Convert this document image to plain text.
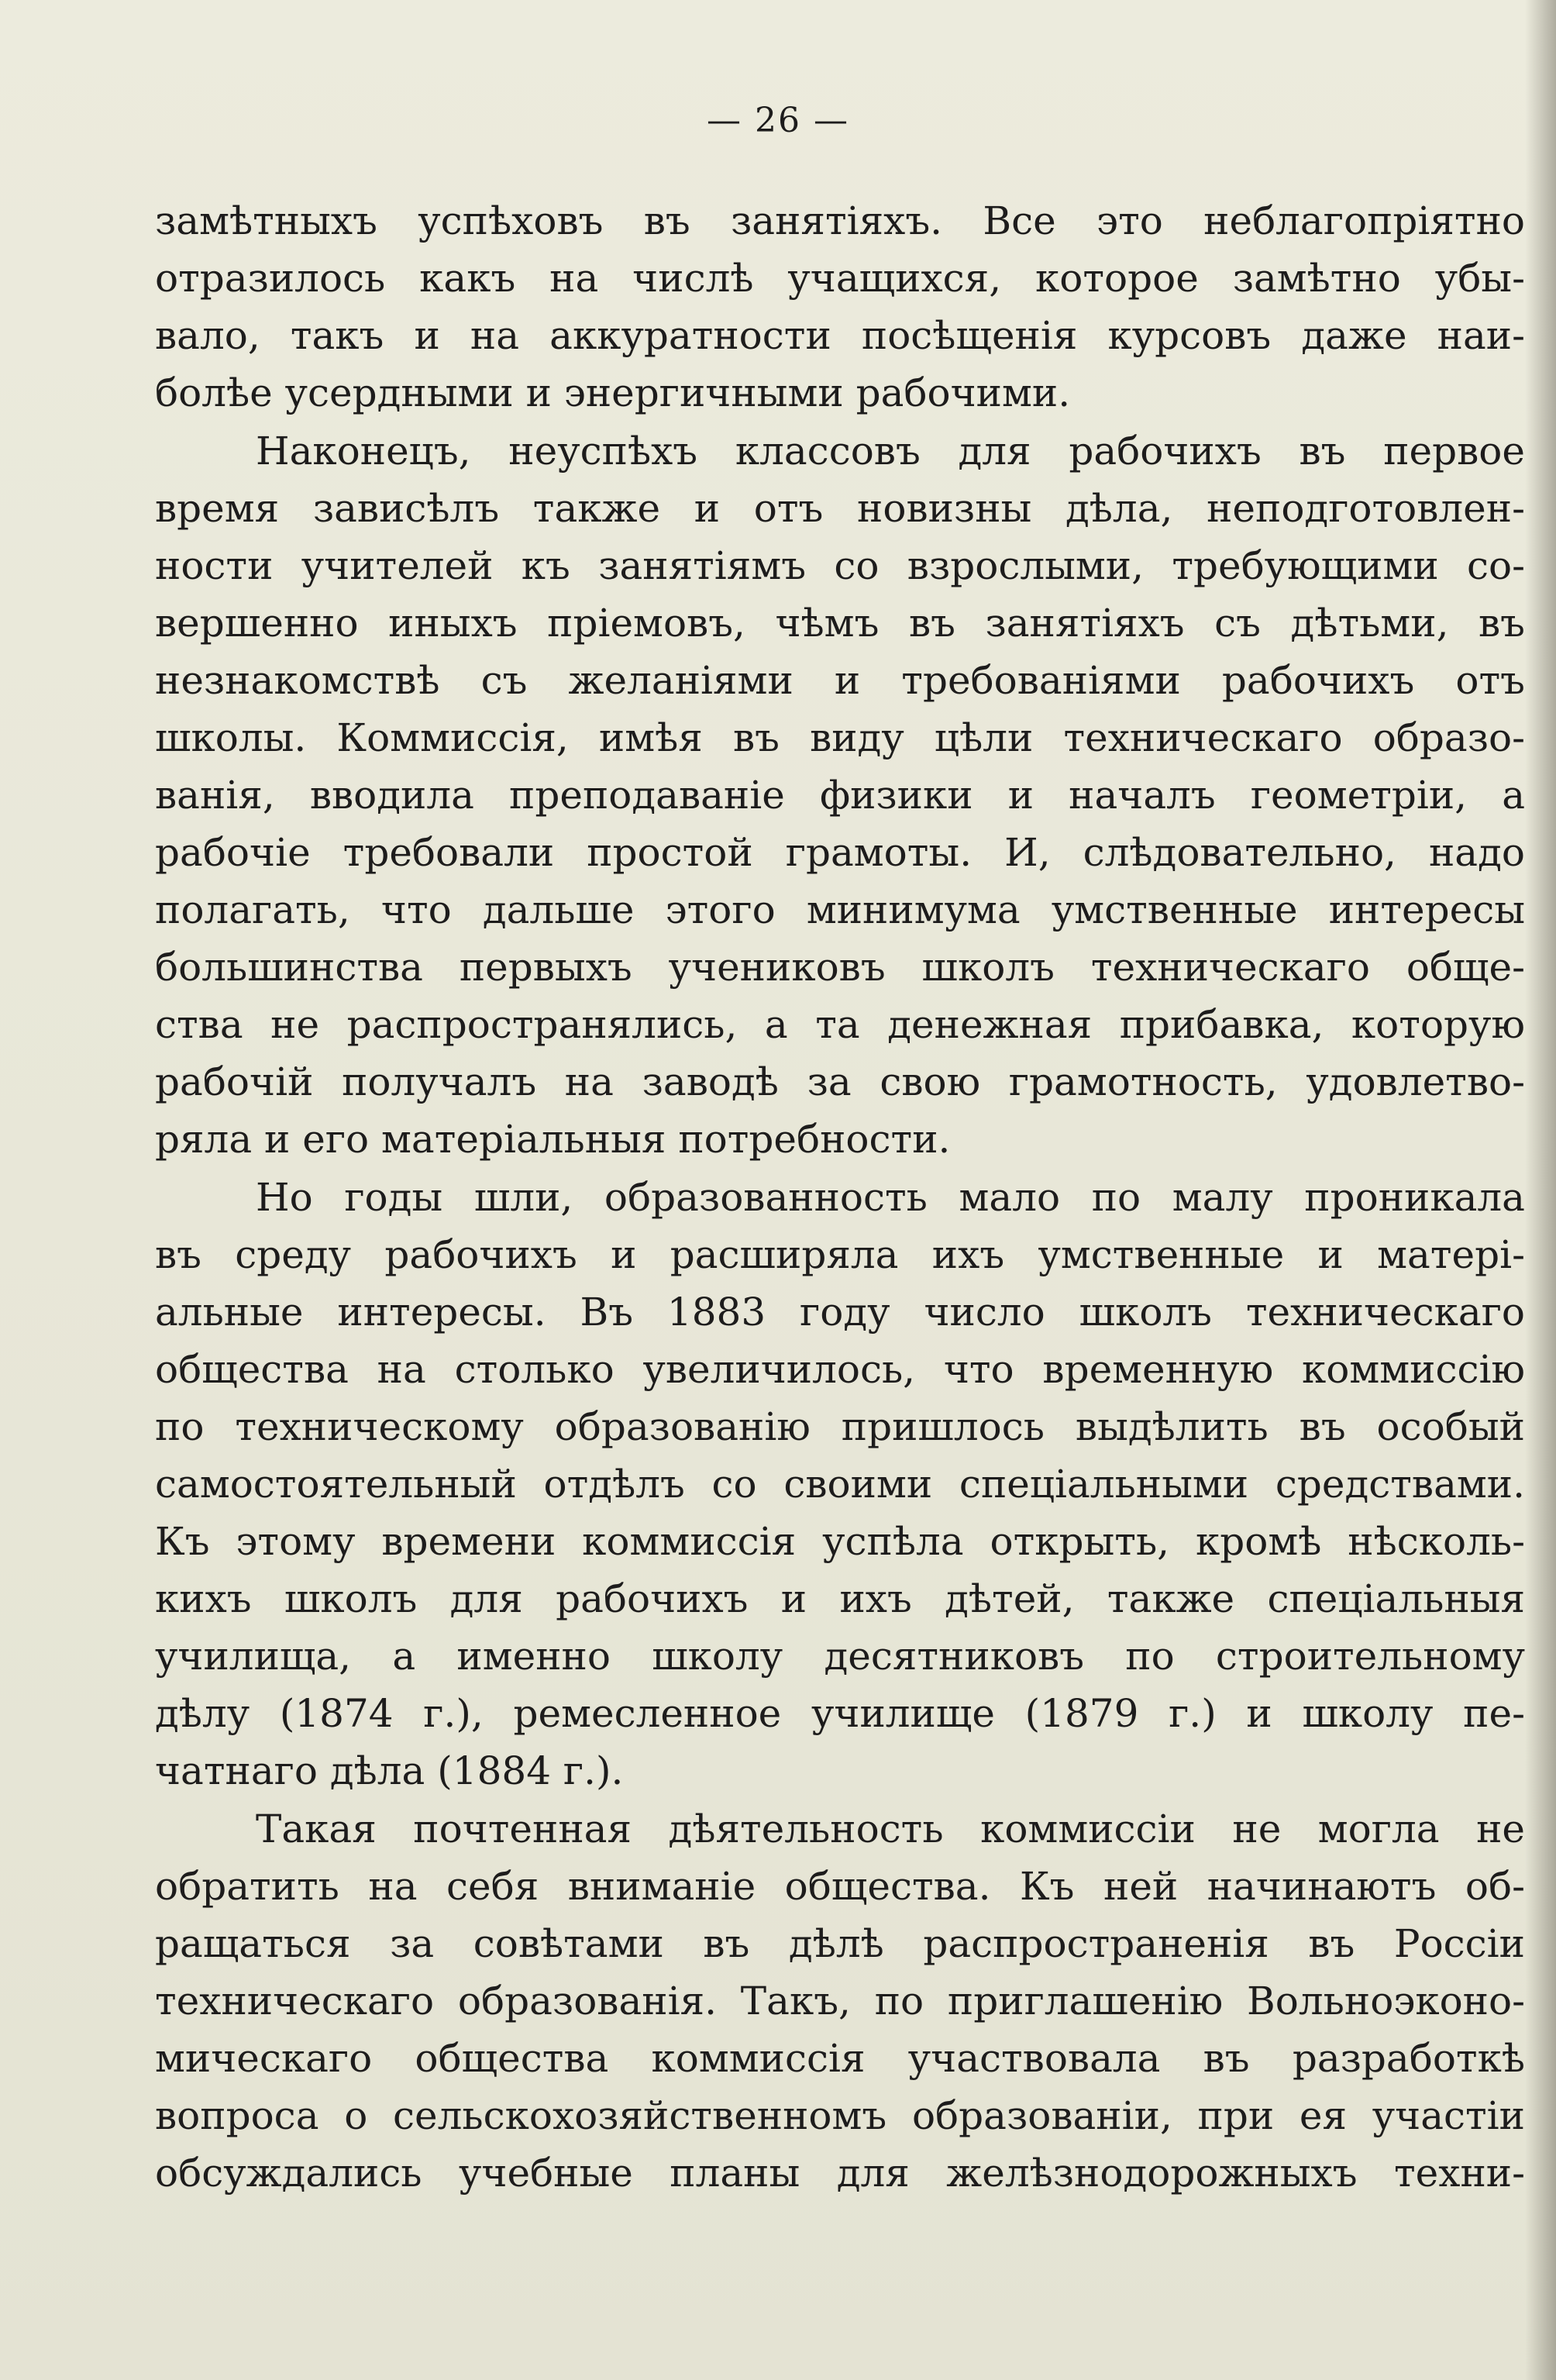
— 26 —
замѣтныхъ успѣховъ въ занятіяхъ. Все это неблагопріятно
отразилось какъ на числѣ учащихся, которое замѣтно убы-
вало, такъ и на аккуратности посѣщенія курсовъ даже наи-
болѣе усердными и энергичными рабочими.
Наконецъ, неуспѣхъ классовъ для рабочихъ въ первое
время зависѣлъ также и отъ новизны дѣла, неподготовлен-
ности учителей къ занятіямъ со взрослыми, требующими со-
вершенно иныхъ пріемовъ, чѣмъ въ занятіяхъ съ дѣтьми, въ
незнакомствѣ съ желаніями и требованіями рабочихъ отъ
школы. Коммиссія, имѣя въ виду цѣли техническаго образо-
ванія, вводила преподаваніе физики и началъ геометріи, а
рабочіе требовали простой грамоты. И, слѣдовательно, надо
полагать, что дальше этого минимума умственные интересы
большинства первыхъ учениковъ школъ техническаго обще-
ства не распространялись, а та денежная прибавка, которую
рабочій получалъ на заводѣ за свою грамотность, удовлетво-
ряла и его матеріальныя потребности.
Но годы шли, образованность мало по малу проникала
въ среду рабочихъ и расширяла ихъ умственные и матері-
альные интересы. Въ 1883 году число школъ техническаго
общества на столько увеличилось, что временную коммиссію
по техническому образованію пришлось выдѣлить въ особый
самостоятельный отдѣлъ со своими спеціальными средствами.
Къ этому времени коммиссія успѣла открыть, кромѣ нѣсколь-
кихъ школъ для рабочихъ и ихъ дѣтей, также спеціальныя
училища, а именно школу десятниковъ по строительному
дѣлу (1874 г.), ремесленное училище (1879 г.) и школу пе-
чатнаго дѣла (1884 г.).
Такая почтенная дѣятельность коммиссіи не могла не
обратить на себя вниманіе общества. Къ ней начинаютъ об-
ращаться за совѣтами въ дѣлѣ распространенія въ Россіи
техническаго образованія. Такъ, по приглашенію Вольноэконо-
мическаго общества коммиссія участвовала въ разработкѣ
вопроса о сельскохозяйственномъ образованіи, при ея участіи
обсуждались учебные планы для желѣзнодорожныхъ техни-
